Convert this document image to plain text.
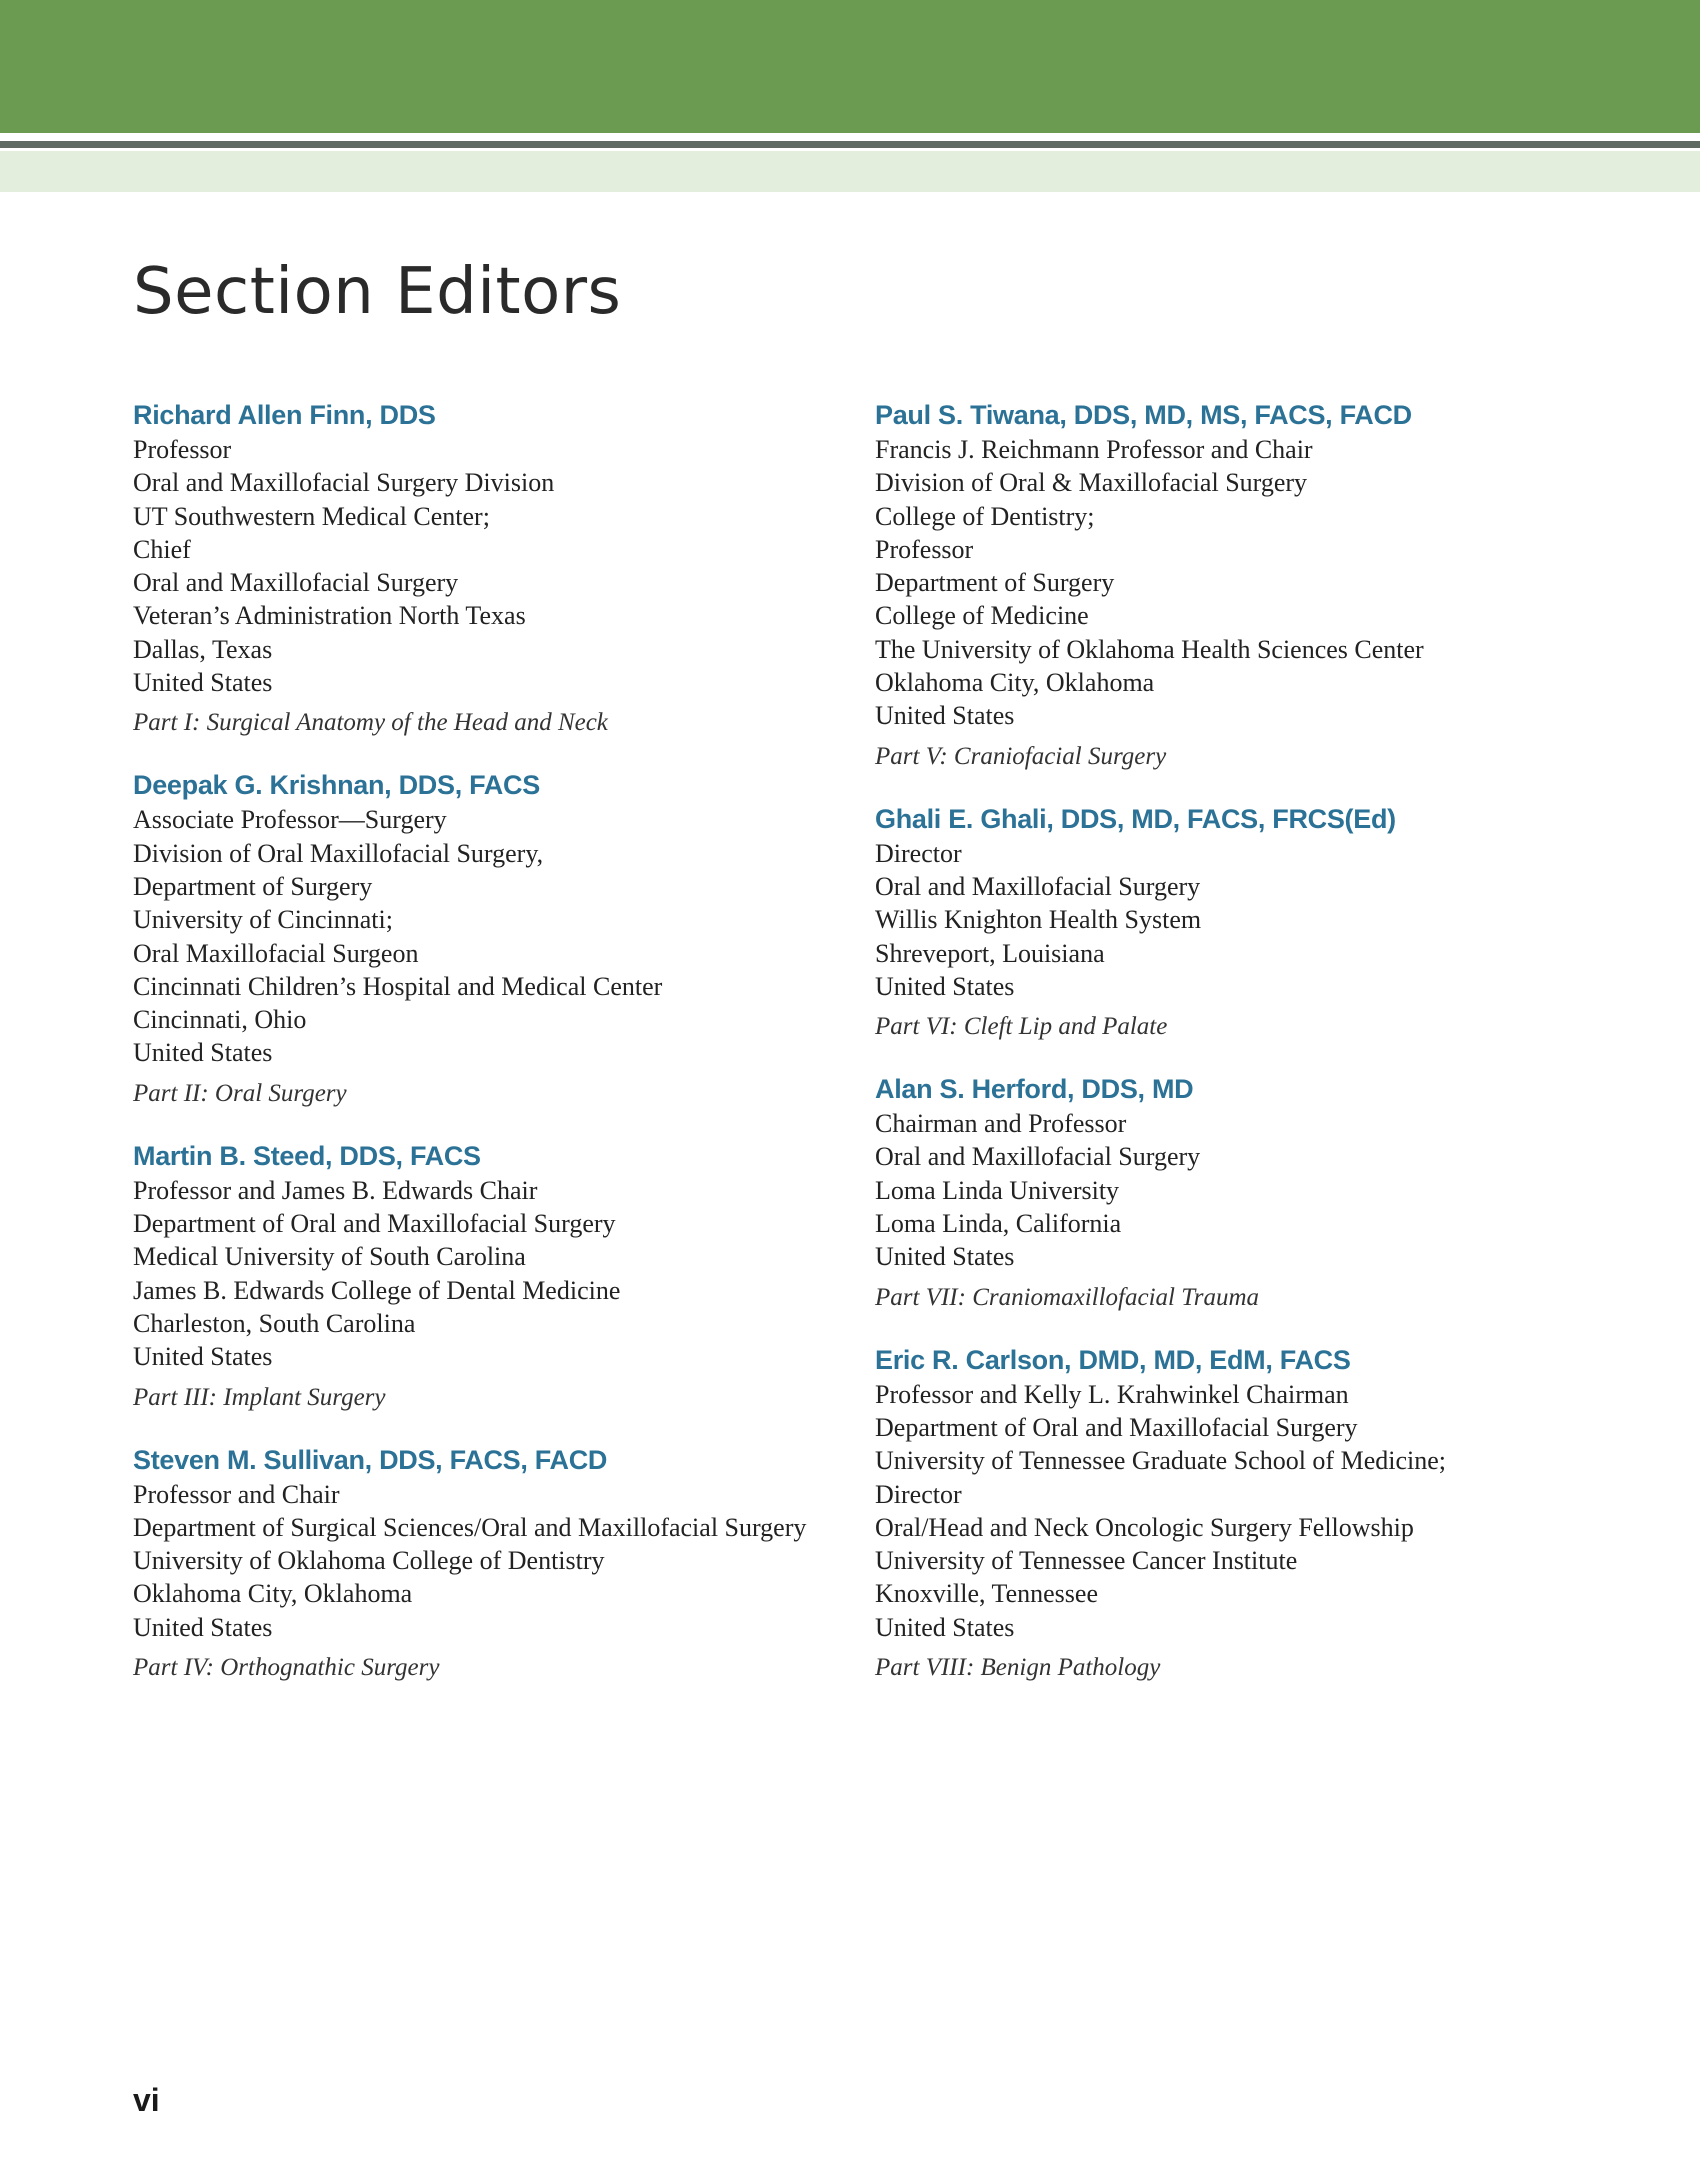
Section Editors
Richard Allen Finn, DDS
Professor
Oral and Maxillofacial Surgery Division
UT Southwestern Medical Center;
Chief
Oral and Maxillofacial Surgery
Veteran’s Administration North Texas
Dallas, Texas
United States
Part I: Surgical Anatomy of the Head and Neck
Deepak G. Krishnan, DDS, FACS
Associate Professor—Surgery
Division of Oral Maxillofacial Surgery,
Department of Surgery
University of Cincinnati;
Oral Maxillofacial Surgeon
Cincinnati Children’s Hospital and Medical Center
Cincinnati, Ohio
United States
Part II: Oral Surgery
Martin B. Steed, DDS, FACS
Professor and James B. Edwards Chair
Department of Oral and Maxillofacial Surgery
Medical University of South Carolina
James B. Edwards College of Dental Medicine
Charleston, South Carolina
United States
Part III: Implant Surgery
Steven M. Sullivan, DDS, FACS, FACD
Professor and Chair
Department of Surgical Sciences/Oral and Maxillofacial Surgery
University of Oklahoma College of Dentistry
Oklahoma City, Oklahoma
United States
Part IV: Orthognathic Surgery
Paul S. Tiwana, DDS, MD, MS, FACS, FACD
Francis J. Reichmann Professor and Chair
Division of Oral & Maxillofacial Surgery
College of Dentistry;
Professor
Department of Surgery
College of Medicine
The University of Oklahoma Health Sciences Center
Oklahoma City, Oklahoma
United States
Part V: Craniofacial Surgery
Ghali E. Ghali, DDS, MD, FACS, FRCS(Ed)
Director
Oral and Maxillofacial Surgery
Willis Knighton Health System
Shreveport, Louisiana
United States
Part VI: Cleft Lip and Palate
Alan S. Herford, DDS, MD
Chairman and Professor
Oral and Maxillofacial Surgery
Loma Linda University
Loma Linda, California
United States
Part VII: Craniomaxillofacial Trauma
Eric R. Carlson, DMD, MD, EdM, FACS
Professor and Kelly L. Krahwinkel Chairman
Department of Oral and Maxillofacial Surgery
University of Tennessee Graduate School of Medicine;
Director
Oral/Head and Neck Oncologic Surgery Fellowship
University of Tennessee Cancer Institute
Knoxville, Tennessee
United States
Part VIII: Benign Pathology
vi
